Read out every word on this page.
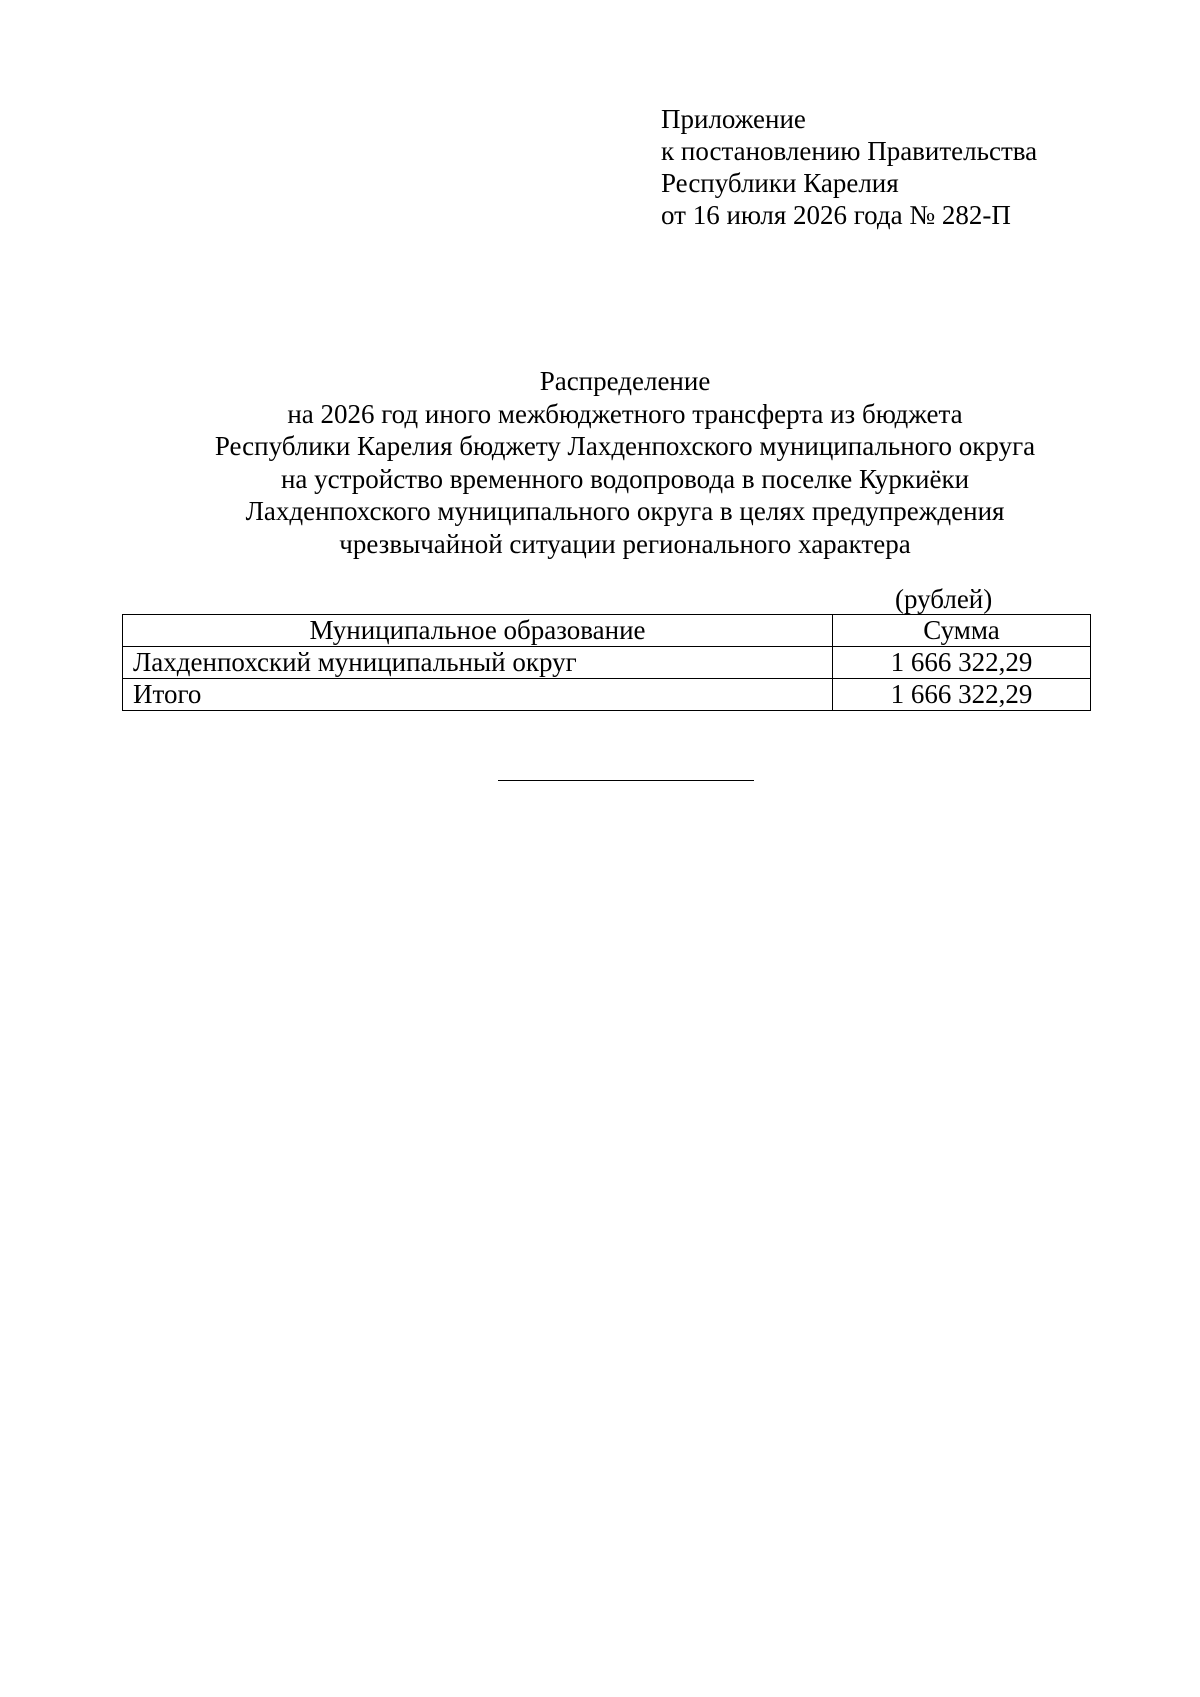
Приложение
к постановлению Правительства
Республики Карелия
от 16 июля 2026 года № 282-П
Распределение
на 2026 год иного межбюджетного трансферта из бюджета
Республики Карелия бюджету Лахденпохского муниципального округа
на устройство временного водопровода в поселке Куркиёки
Лахденпохского муниципального округа в целях предупреждения
чрезвычайной ситуации регионального характера
(рублей)
Муниципальное образование	Сумма
Лахденпохский муниципальный округ	1 666 322,29
Итого	1 666 322,29
